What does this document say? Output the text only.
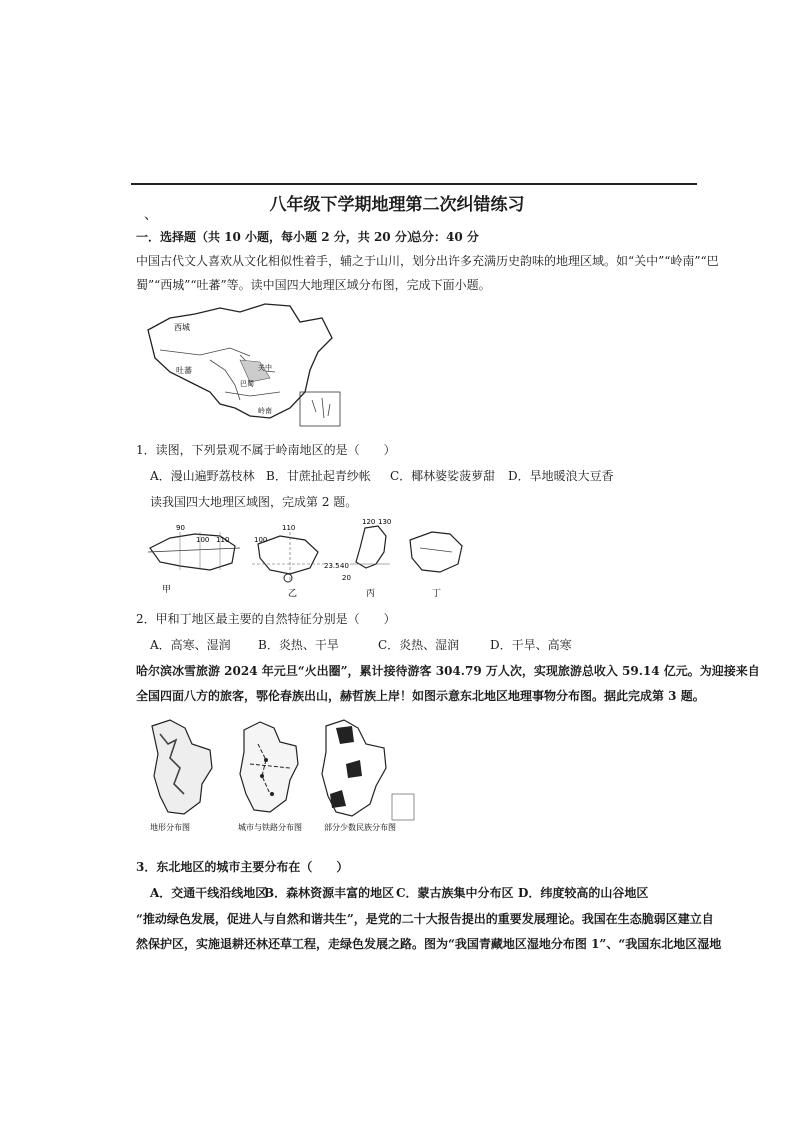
、	八年级下学期地理第二次纠错练习
一．选择题（共 10 小题，每小题 2 分，共 20 分）
总分：40 分
中国古代文人喜欢从文化相似性着手，辅之于山川，划分出许多充满历史韵味的地理区域。如“关中”“岭南”“巴
蜀”“西城”“吐蕃”等。读中国四大地理区域分布图，完成下面小题。
西城
吐蕃	关中
巴蜀
岭南
1．读图，下列景观不属于岭南地区的是（　　）
A．漫山遍野荔枝林 B．甘蔗扯起青纱帐 C．椰林婆娑菠萝甜 D．旱地暖浪大豆香
读我国四大地理区域图，完成第 2 题。
90
100 110
110
100
23.5
120 130
40
20
甲	乙	丙	丁
2．甲和丁地区最主要的自然特征分别是（　　）
A．高寒、湿润 B．炎热、干旱	C．炎热、湿润	D．干旱、高寒
哈尔滨冰雪旅游 2024 年元旦“火出圈”，累计接待游客 304.79 万人次，实现旅游总收入 59.14 亿元。为迎接来自
全国四面八方的旅客，鄂伦春族出山，赫哲族上岸！如图示意东北地区地理事物分布图。据此完成第 3 题。
地形分布图	城市与铁路分布图	部分少数民族分布图
3．东北地区的城市主要分布在（　　）
A．交通干线沿线地区
B．森林资源丰富的地区 C．蒙古族集中分布区 D．纬度较高的山谷地区
“推动绿色发展，促进人与自然和谐共生”，是党的二十大报告提出的重要发展理论。我国在生态脆弱区建立自
然保护区，实施退耕还林还草工程，走绿色发展之路。图为“我国青藏地区湿地分布图 1”、“我国东北地区湿地
